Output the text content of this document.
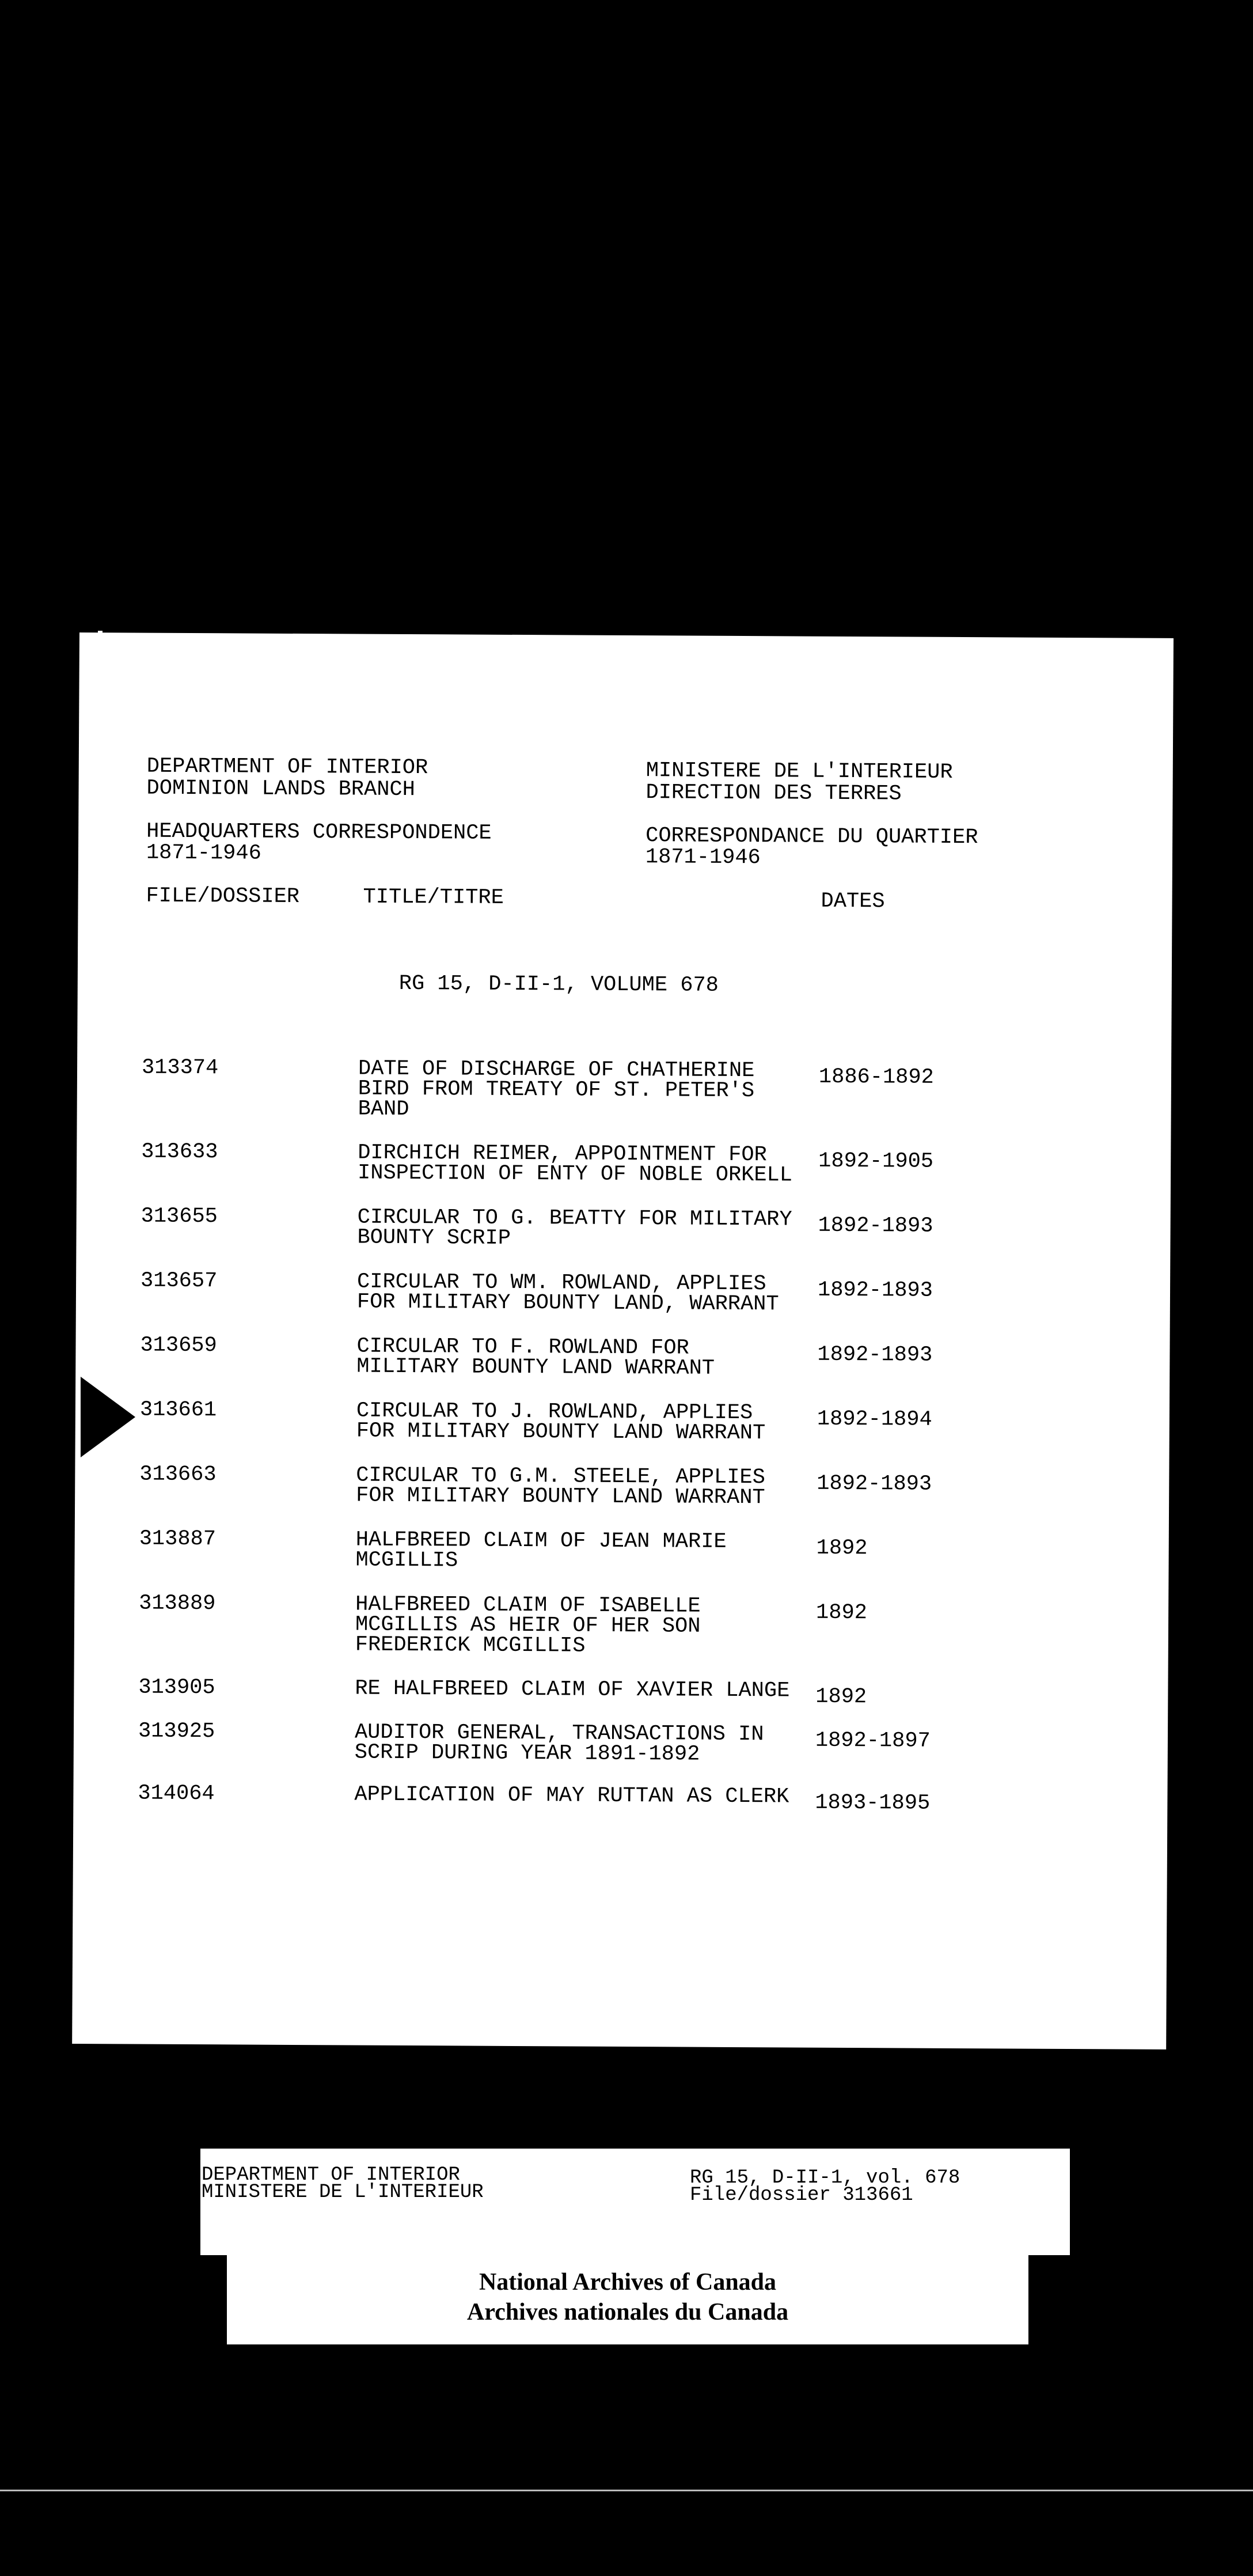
DEPARTMENT OF INTERIOR
DOMINION LANDS BRANCH
HEADQUARTERS CORRESPONDENCE
1871-1946
MINISTERE DE L'INTERIEUR
DIRECTION DES TERRES
CORRESPONDANCE DU QUARTIER
1871-1946
FILE/DOSSIER	TITLE/TITRE	DATES
RG 15, D-II-1, VOLUME 678
313374	DATE OF DISCHARGE OF CHATHERINE
BIRD FROM TREATY OF ST. PETER'S
BAND
1886-1892
313633	DIRCHICH REIMER, APPOINTMENT FOR
INSPECTION OF ENTY OF NOBLE ORKELL 1892-1905
313655	CIRCULAR TO G. BEATTY FOR MILITARY
BOUNTY SCRIP	1892-1893
313657	CIRCULAR TO WM. ROWLAND, APPLIES
FOR MILITARY BOUNTY LAND, WARRANT 1892-1893
313659	CIRCULAR TO F. ROWLAND FOR
MILITARY BOUNTY LAND WARRANT	1892-1893
313661	CIRCULAR TO J. ROWLAND, APPLIES
FOR MILITARY BOUNTY LAND WARRANT 1892-1894
313663	CIRCULAR TO G.M. STEELE, APPLIES
FOR MILITARY BOUNTY LAND WARRANT 1892-1893
313887	HALFBREED CLAIM OF JEAN MARIE
MCGILLIS	1892
313889	HALFBREED CLAIM OF ISABELLE
MCGILLIS AS HEIR OF HER SON
FREDERICK MCGILLIS
1892
313905	RE HALFBREED CLAIM OF XAVIER LANGE 1892
313925	AUDITOR GENERAL, TRANSACTIONS IN
SCRIP DURING YEAR 1891-1892	1892-1897
314064	APPLICATION OF MAY RUTTAN AS CLERK 1893-1895
DEPARTMENT OF INTERIOR
MINISTERE DE L'INTERIEUR
RG 15, D-II-1, vol. 678
File/dossier 313661
National Archives of Canada
Archives nationales du Canada
